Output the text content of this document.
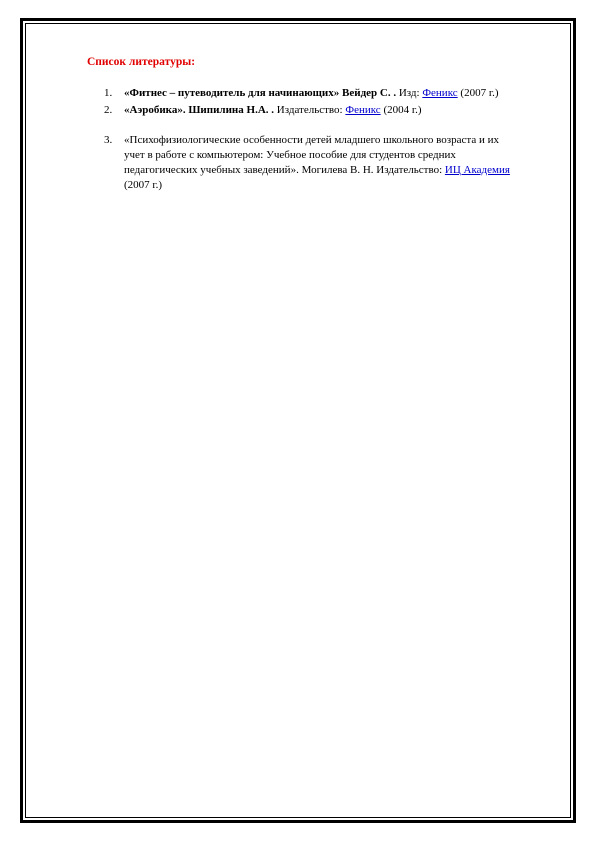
Список литературы:
1. «Фитнес – путеводитель для начинающих» Вейдер С. . Изд: Феникс (2007 г.)
2. «Аэробика». Шипилина Н.А. . Издательство: Феникс (2004 г.)
3. «Психофизиологические особенности детей младшего школьного возраста и их
учет в работе с компьютером: Учебное пособие для студентов средних
педагогических учебных заведений». Могилева В. Н. Издательство: ИЦ Академия
(2007 г.)
